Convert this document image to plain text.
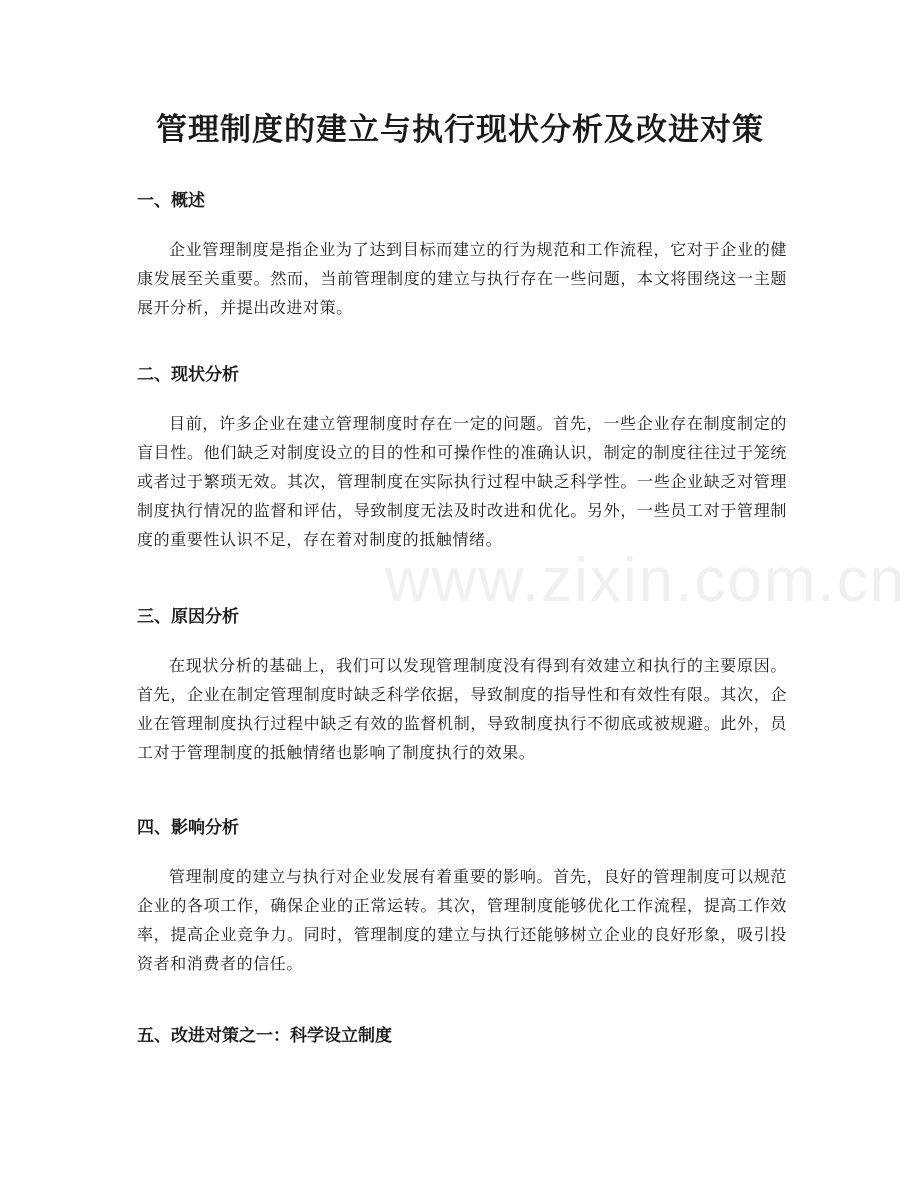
管理制度的建立与执行现状分析及改进对策
www.zixin.com.cn
一、概述

企业管理制度是指企业为了达到目标而建立的行为规范和工作流程，它对于企业的健康发展至关重要。然而，当前管理制度的建立与执行存在一些问题，本文将围绕这一主题展开分析，并提出改进对策。

二、现状分析

目前，许多企业在建立管理制度时存在一定的问题。首先，一些企业存在制度制定的盲目性。他们缺乏对制度设立的目的性和可操作性的准确认识，制定的制度往往过于笼统或者过于繁琐无效。其次，管理制度在实际执行过程中缺乏科学性。一些企业缺乏对管理制度执行情况的监督和评估，导致制度无法及时改进和优化。另外，一些员工对于管理制度的重要性认识不足，存在着对制度的抵触情绪。

三、原因分析

在现状分析的基础上，我们可以发现管理制度没有得到有效建立和执行的主要原因。首先，企业在制定管理制度时缺乏科学依据，导致制度的指导性和有效性有限。其次，企业在管理制度执行过程中缺乏有效的监督机制，导致制度执行不彻底或被规避。此外，员工对于管理制度的抵触情绪也影响了制度执行的效果。

四、影响分析

管理制度的建立与执行对企业发展有着重要的影响。首先，良好的管理制度可以规范企业的各项工作，确保企业的正常运转。其次，管理制度能够优化工作流程，提高工作效率，提高企业竞争力。同时，管理制度的建立与执行还能够树立企业的良好形象，吸引投资者和消费者的信任。

五、改进对策之一：科学设立制度
